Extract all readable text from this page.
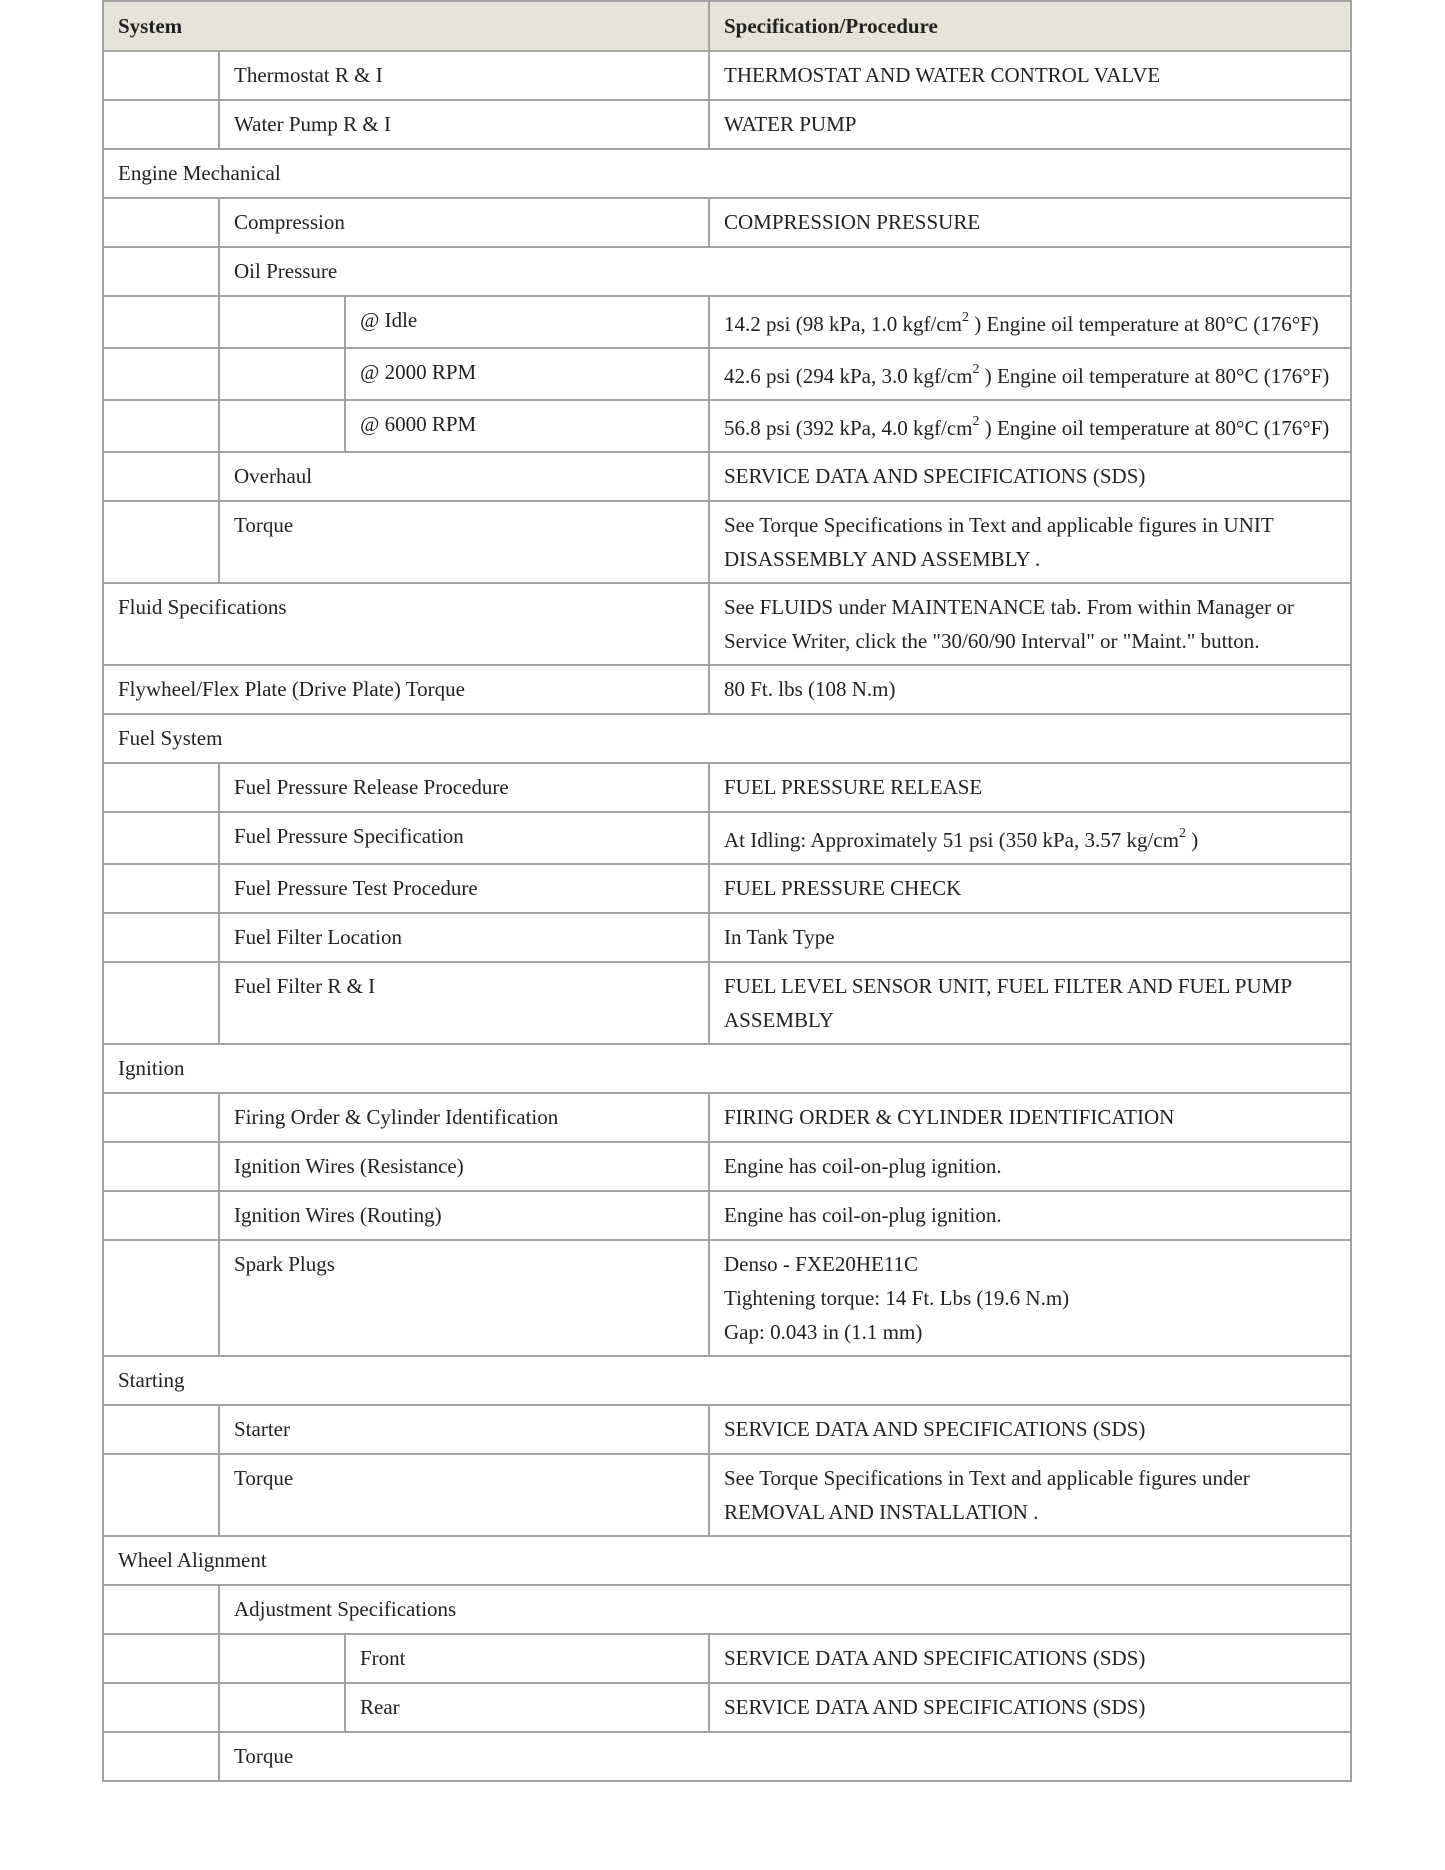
System			Specification/Procedure
	Thermostat R & I		THERMOSTAT AND WATER CONTROL VALVE
	Water Pump R & I		WATER PUMP
Engine Mechanical			
	Compression		COMPRESSION PRESSURE
	Oil Pressure		
		@ Idle	14.2 psi (98 kPa, 1.0 kgf/$cm^2$ ) Engine oil temperature at 80°C (176°F)
		@ 2000 RPM	42.6 psi (294 kPa, 3.0 kgf/$cm^2$ ) Engine oil temperature at 80°C (176°F)
		@ 6000 RPM	56.8 psi (392 kPa, 4.0 kgf/$cm^2$ ) Engine oil temperature at 80°C (176°F)
	Overhaul		SERVICE DATA AND SPECIFICATIONS (SDS)
	Torque		See Torque Specifications in Text and applicable figures in UNIT DISASSEMBLY AND ASSEMBLY .
Fluid Specifications			See FLUIDS under MAINTENANCE tab. From within Manager or Service Writer, click the "30/60/90 Interval" or "Maint." button.
Flywheel/Flex Plate (Drive Plate) Torque			80 Ft. lbs (108 N.m)
Fuel System			
	Fuel Pressure Release Procedure		FUEL PRESSURE RELEASE
	Fuel Pressure Specification		At Idling: Approximately 51 psi (350 kPa, 3.57 $kg/cm^2$ )
	Fuel Pressure Test Procedure		FUEL PRESSURE CHECK
	Fuel Filter Location		In Tank Type
	Fuel Filter R & I		FUEL LEVEL SENSOR UNIT, FUEL FILTER AND FUEL PUMP ASSEMBLY
Ignition			
	Firing Order & Cylinder Identification		FIRING ORDER & CYLINDER IDENTIFICATION
	Ignition Wires (Resistance)		Engine has coil-on-plug ignition.
	Ignition Wires (Routing)		Engine has coil-on-plug ignition.
	Spark Plugs		Denso - FXE20HE11C
Tightening torque: 14 Ft. Lbs (19.6 N.m)
Gap: 0.043 in (1.1 mm)

Starting			
	Starter		SERVICE DATA AND SPECIFICATIONS (SDS)
	Torque		See Torque Specifications in Text and applicable figures under REMOVAL AND INSTALLATION .
Wheel Alignment			
	Adjustment Specifications		
		Front	SERVICE DATA AND SPECIFICATIONS (SDS)
		Rear	SERVICE DATA AND SPECIFICATIONS (SDS)
	Torque		
